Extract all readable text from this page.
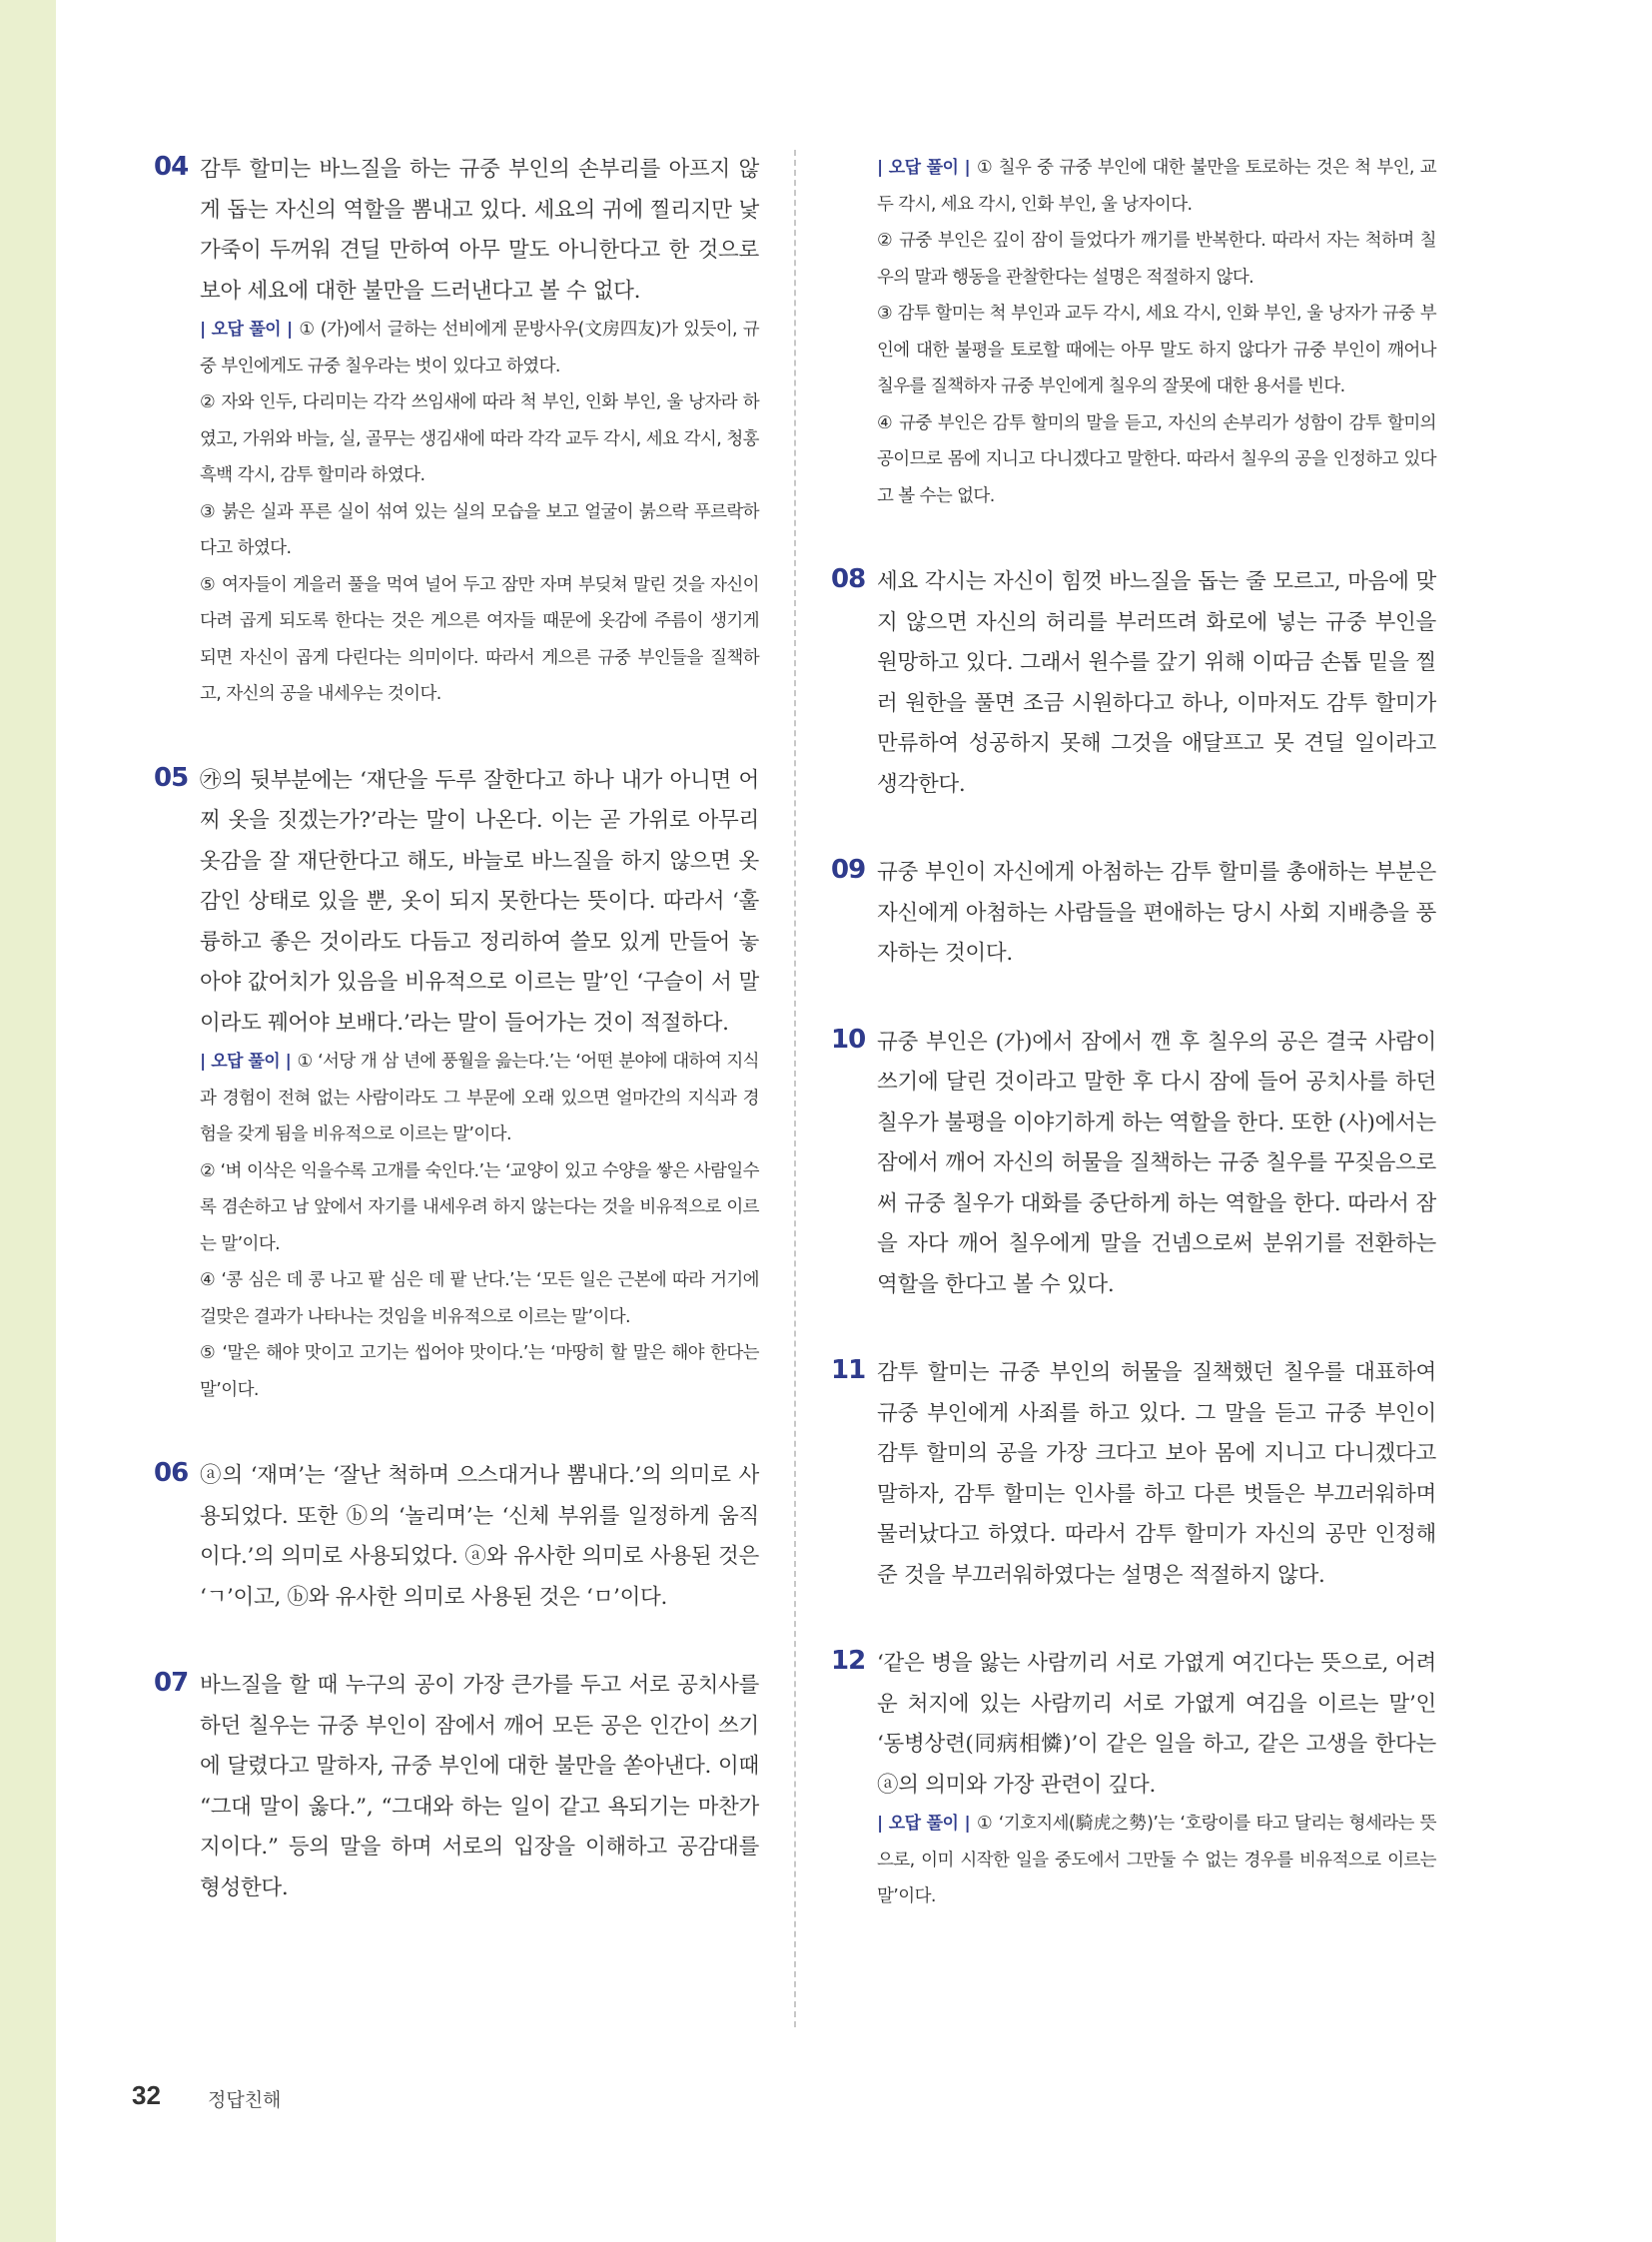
04 감투 할미는 바느질을 하는 규중 부인의 손부리를 아프지 않게 돕는 자신의 역할을 뽐내고 있다. 세요의 귀에 찔리지만 낯가죽이 두꺼워 견딜 만하여 아무 말도 아니한다고 한 것으로 보아 세요에 대한 불만을 드러낸다고 볼 수 없다.
| 오답 풀이 | ① (가)에서 글하는 선비에게 문방사우(文房四友)가 있듯이, 규중 부인에게도 규중 칠우라는 벗이 있다고 하였다.
② 자와 인두, 다리미는 각각 쓰임새에 따라 척 부인, 인화 부인, 울 낭자라 하였고, 가위와 바늘, 실, 골무는 생김새에 따라 각각 교두 각시, 세요 각시, 청홍흑백 각시, 감투 할미라 하였다.
③ 붉은 실과 푸른 실이 섞여 있는 실의 모습을 보고 얼굴이 붉으락 푸르락하다고 하였다.
⑤ 여자들이 게을러 풀을 먹여 널어 두고 잠만 자며 부딪쳐 말린 것을 자신이 다려 곱게 되도록 한다는 것은 게으른 여자들 때문에 옷감에 주름이 생기게 되면 자신이 곱게 다린다는 의미이다. 따라서 게으른 규중 부인들을 질책하고, 자신의 공을 내세우는 것이다.
05 ㉮의 뒷부분에는 ‘재단을 두루 잘한다고 하나 내가 아니면 어찌 옷을 짓겠는가?’라는 말이 나온다. 이는 곧 가위로 아무리 옷감을 잘 재단한다고 해도, 바늘로 바느질을 하지 않으면 옷감인 상태로 있을 뿐, 옷이 되지 못한다는 뜻이다. 따라서 ‘훌륭하고 좋은 것이라도 다듬고 정리하여 쓸모 있게 만들어 놓아야 값어치가 있음을 비유적으로 이르는 말’인 ‘구슬이 서 말이라도 꿰어야 보배다.’라는 말이 들어가는 것이 적절하다.
| 오답 풀이 | ① ‘서당 개 삼 년에 풍월을 읊는다.’는 ‘어떤 분야에 대하여 지식과 경험이 전혀 없는 사람이라도 그 부문에 오래 있으면 얼마간의 지식과 경험을 갖게 됨을 비유적으로 이르는 말’이다.
② ‘벼 이삭은 익을수록 고개를 숙인다.’는 ‘교양이 있고 수양을 쌓은 사람일수록 겸손하고 남 앞에서 자기를 내세우려 하지 않는다는 것을 비유적으로 이르는 말’이다.
④ ‘콩 심은 데 콩 나고 팥 심은 데 팥 난다.’는 ‘모든 일은 근본에 따라 거기에 걸맞은 결과가 나타나는 것임을 비유적으로 이르는 말’이다.
⑤ ‘말은 해야 맛이고 고기는 씹어야 맛이다.’는 ‘마땅히 할 말은 해야 한다는 말’이다.
06 ⓐ의 ‘재며’는 ‘잘난 척하며 으스대거나 뽐내다.’의 의미로 사용되었다. 또한 ⓑ의 ‘놀리며’는 ‘신체 부위를 일정하게 움직이다.’의 의미로 사용되었다. ⓐ와 유사한 의미로 사용된 것은 ‘ㄱ’이고, ⓑ와 유사한 의미로 사용된 것은 ‘ㅁ’이다.
07 바느질을 할 때 누구의 공이 가장 큰가를 두고 서로 공치사를 하던 칠우는 규중 부인이 잠에서 깨어 모든 공은 인간이 쓰기에 달렸다고 말하자, 규중 부인에 대한 불만을 쏟아낸다. 이때 “그대 말이 옳다.”, “그대와 하는 일이 같고 욕되기는 마찬가지이다.” 등의 말을 하며 서로의 입장을 이해하고 공감대를 형성한다.
| 오답 풀이 | ① 칠우 중 규중 부인에 대한 불만을 토로하는 것은 척 부인, 교두 각시, 세요 각시, 인화 부인, 울 낭자이다.
② 규중 부인은 깊이 잠이 들었다가 깨기를 반복한다. 따라서 자는 척하며 칠우의 말과 행동을 관찰한다는 설명은 적절하지 않다.
③ 감투 할미는 척 부인과 교두 각시, 세요 각시, 인화 부인, 울 낭자가 규중 부인에 대한 불평을 토로할 때에는 아무 말도 하지 않다가 규중 부인이 깨어나 칠우를 질책하자 규중 부인에게 칠우의 잘못에 대한 용서를 빈다.
④ 규중 부인은 감투 할미의 말을 듣고, 자신의 손부리가 성함이 감투 할미의 공이므로 몸에 지니고 다니겠다고 말한다. 따라서 칠우의 공을 인정하고 있다고 볼 수는 없다.
08 세요 각시는 자신이 힘껏 바느질을 돕는 줄 모르고, 마음에 맞지 않으면 자신의 허리를 부러뜨려 화로에 넣는 규중 부인을 원망하고 있다. 그래서 원수를 갚기 위해 이따금 손톱 밑을 찔러 원한을 풀면 조금 시원하다고 하나, 이마저도 감투 할미가 만류하여 성공하지 못해 그것을 애달프고 못 견딜 일이라고 생각한다.
09 규중 부인이 자신에게 아첨하는 감투 할미를 총애하는 부분은 자신에게 아첨하는 사람들을 편애하는 당시 사회 지배층을 풍자하는 것이다.
10 규중 부인은 (가)에서 잠에서 깬 후 칠우의 공은 결국 사람이 쓰기에 달린 것이라고 말한 후 다시 잠에 들어 공치사를 하던 칠우가 불평을 이야기하게 하는 역할을 한다. 또한 (사)에서는 잠에서 깨어 자신의 허물을 질책하는 규중 칠우를 꾸짖음으로써 규중 칠우가 대화를 중단하게 하는 역할을 한다. 따라서 잠을 자다 깨어 칠우에게 말을 건넴으로써 분위기를 전환하는 역할을 한다고 볼 수 있다.
11 감투 할미는 규중 부인의 허물을 질책했던 칠우를 대표하여 규중 부인에게 사죄를 하고 있다. 그 말을 듣고 규중 부인이 감투 할미의 공을 가장 크다고 보아 몸에 지니고 다니겠다고 말하자, 감투 할미는 인사를 하고 다른 벗들은 부끄러워하며 물러났다고 하였다. 따라서 감투 할미가 자신의 공만 인정해 준 것을 부끄러워하였다는 설명은 적절하지 않다.
12 ‘같은 병을 앓는 사람끼리 서로 가엾게 여긴다는 뜻으로, 어려운 처지에 있는 사람끼리 서로 가엾게 여김을 이르는 말’인 ‘동병상련(同病相憐)’이 같은 일을 하고, 같은 고생을 한다는 ⓐ의 의미와 가장 관련이 깊다.
| 오답 풀이 | ① ‘기호지세(騎虎之勢)’는 ‘호랑이를 타고 달리는 형세라는 뜻으로, 이미 시작한 일을 중도에서 그만둘 수 없는 경우를 비유적으로 이르는 말’이다.
32 정답친해
